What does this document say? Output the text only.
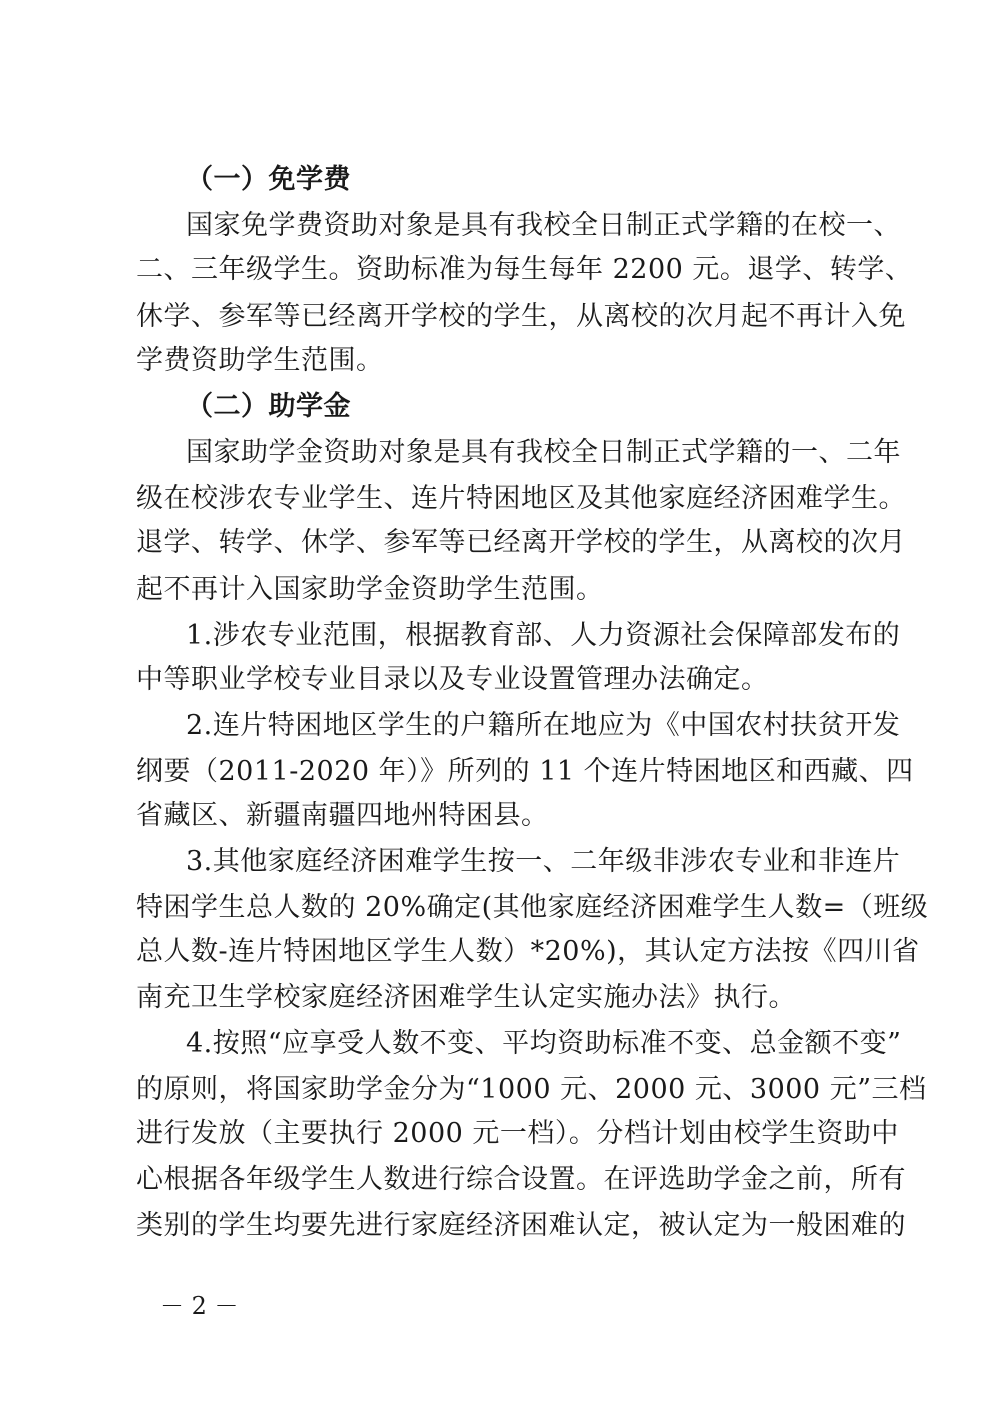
（一）免学费
国家免学费资助对象是具有我校全日制正式学籍的在校一、
二、三年级学生。资助标准为每生每年 2200 元。退学、转学、
休学、参军等已经离开学校的学生，从离校的次月起不再计入免
学费资助学生范围。
（二）助学金
国家助学金资助对象是具有我校全日制正式学籍的一、二年
级在校涉农专业学生、连片特困地区及其他家庭经济困难学生。
退学、转学、休学、参军等已经离开学校的学生，从离校的次月
起不再计入国家助学金资助学生范围。
1.涉农专业范围，根据教育部、人力资源社会保障部发布的
中等职业学校专业目录以及专业设置管理办法确定。
2.连片特困地区学生的户籍所在地应为《中国农村扶贫开发
纲要（2011-2020 年）》所列的 11 个连片特困地区和西藏、四
省藏区、新疆南疆四地州特困县。
3.其他家庭经济困难学生按一、二年级非涉农专业和非连片
特困学生总人数的 20%确定(其他家庭经济困难学生人数=（班级
总人数-连片特困地区学生人数）*20%)，其认定方法按《四川省
南充卫生学校家庭经济困难学生认定实施办法》执行。
4.按照“应享受人数不变、平均资助标准不变、总金额不变”
的原则，将国家助学金分为“1000 元、2000 元、3000 元”三档
进行发放（主要执行 2000 元一档）。分档计划由校学生资助中
心根据各年级学生人数进行综合设置。在评选助学金之前，所有
类别的学生均要先进行家庭经济困难认定，被认定为一般困难的
－ 2 －
